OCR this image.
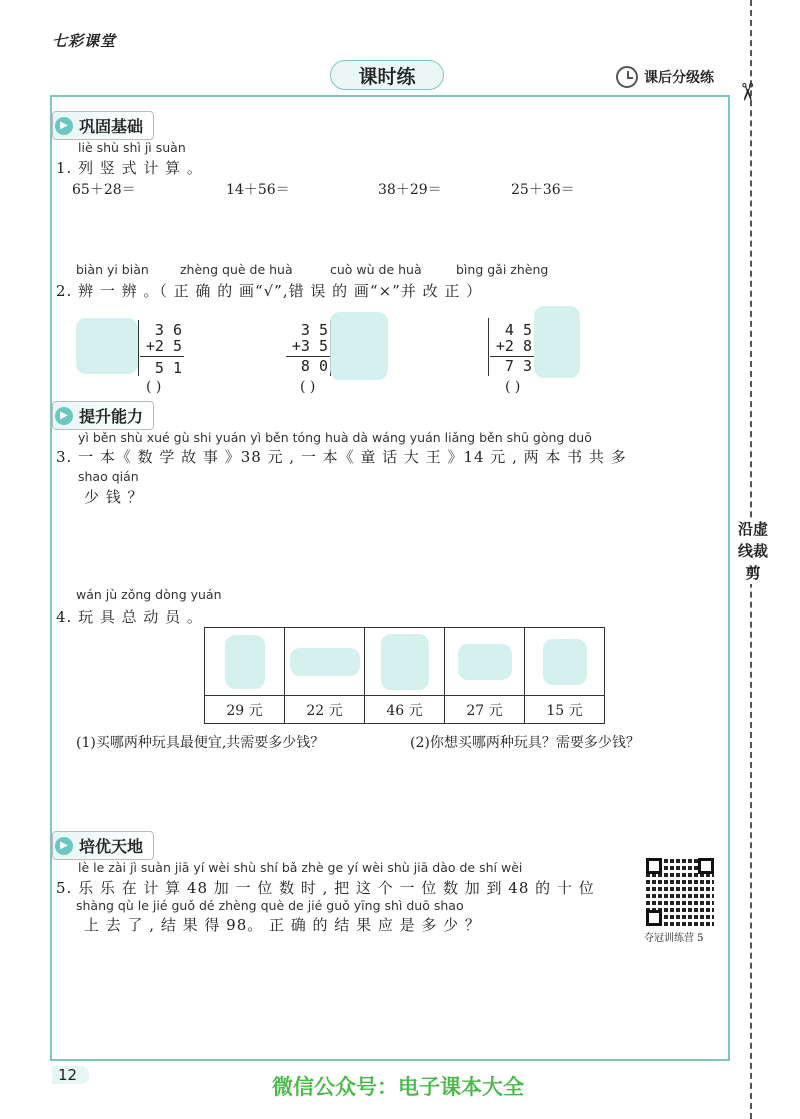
七彩课堂
课时练	课后分级练
✂
沿虚线裁剪
▶ 巩固基础
liè shù shì jì suàn
1. 列 竖 式 计 算 。
65＋28＝	14＋56＝	38＋29＝	25＋36＝
biàn yi biàn zhèng què de huà	cuò wù de huà	bìng gǎi zhèng
2. 辨 一 辨 。（ 正 确 的 画“√”,错 误 的 画“×”并 改 正 ）
3 6
+2 5
5 1
( )
3 5
+3 5
8 0
( )
4 5
+2 8
7 3
( )
▶ 提升能力
yì běn shù xué gù shi yuán yì běn tóng huà dà wáng yuán liǎng běn shū gòng duō
3. 一 本《 数 学 故 事 》38 元 , 一 本《 童 话 大 王 》14 元 , 两 本 书 共 多
shao qián
少 钱 ？
wán jù zǒng dòng yuán
4. 玩 具 总 动 员 。

29 元	22 元	46 元	27 元	15 元
(1)买哪两种玩具最便宜,共需要多少钱？	(2)你想买哪两种玩具？需要多少钱？
▶ 培优天地
lè le zài jì suàn jiā yí wèi shù shí bǎ zhè ge yí wèi shù jiā dào de shí wèi
5. 乐 乐 在 计 算 48 加 一 位 数 时 , 把 这 个 一 位 数 加 到 48 的 十 位
shàng qù le jié guǒ dé zhèng què de jié guǒ yīng shì duō shao
上 去 了 , 结 果 得 98。 正 确 的 结 果 应 是 多 少 ？
夺冠训练营 5
12	微信公众号：电子课本大全
